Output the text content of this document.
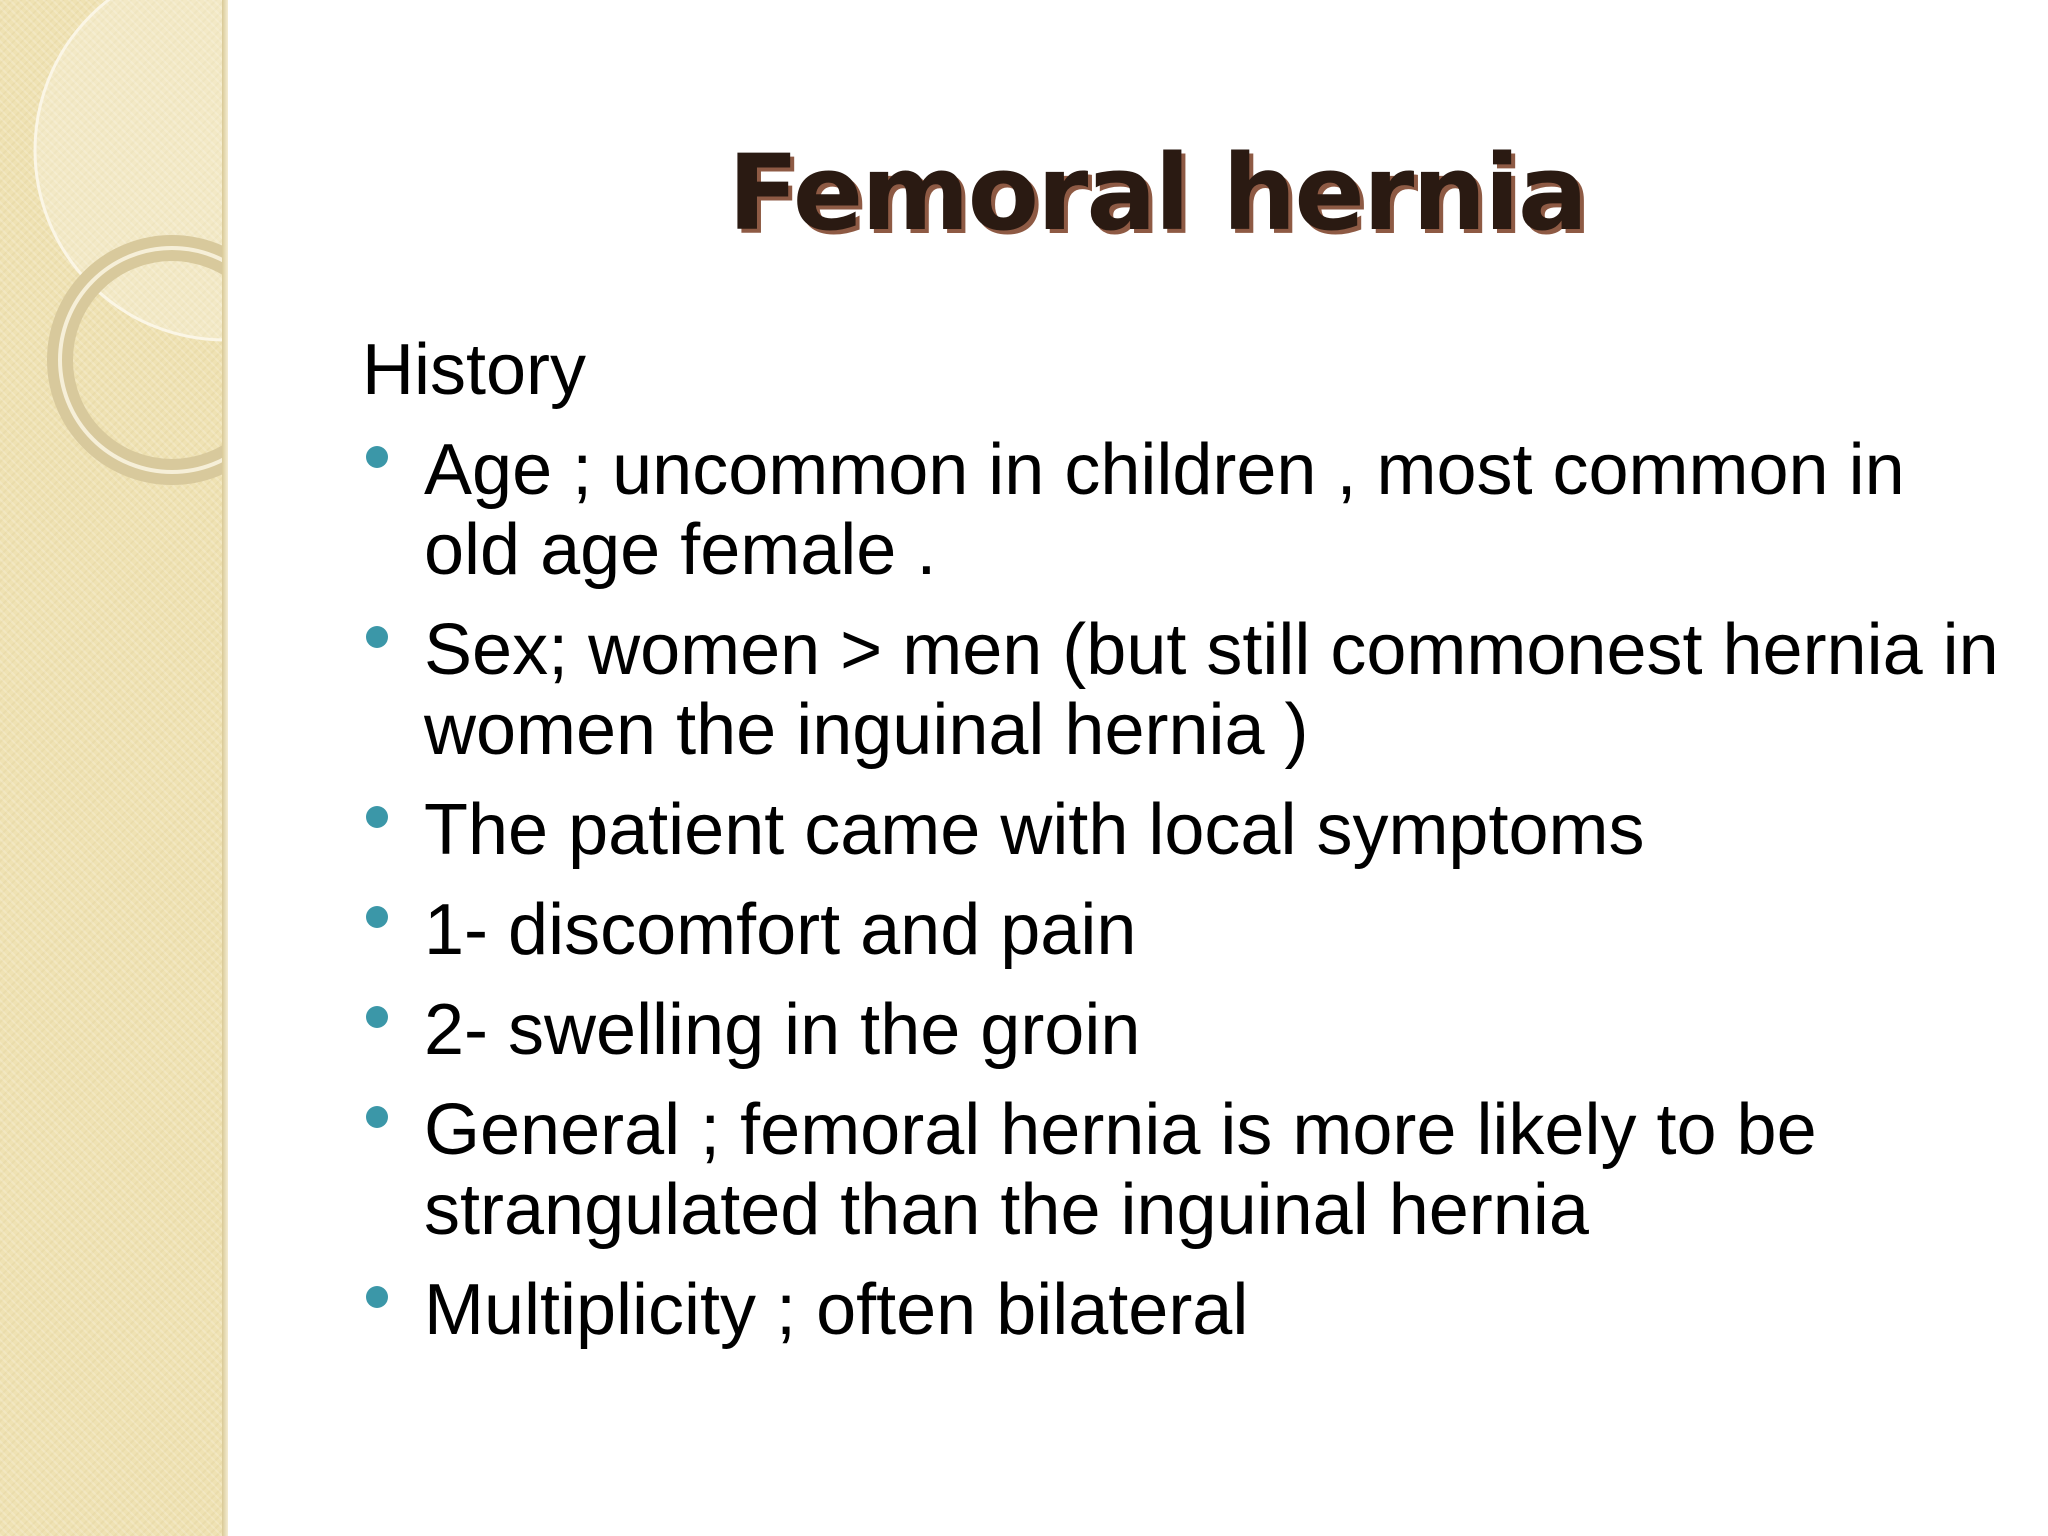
Femoral hernia
History
Age ; uncommon in children , most common in old age female .
Sex; women > men (but still commonest hernia in women the inguinal hernia )
The patient came with local symptoms
1- discomfort and pain
2- swelling in the groin
General ; femoral hernia is more likely to be strangulated than the inguinal hernia
Multiplicity ; often bilateral
